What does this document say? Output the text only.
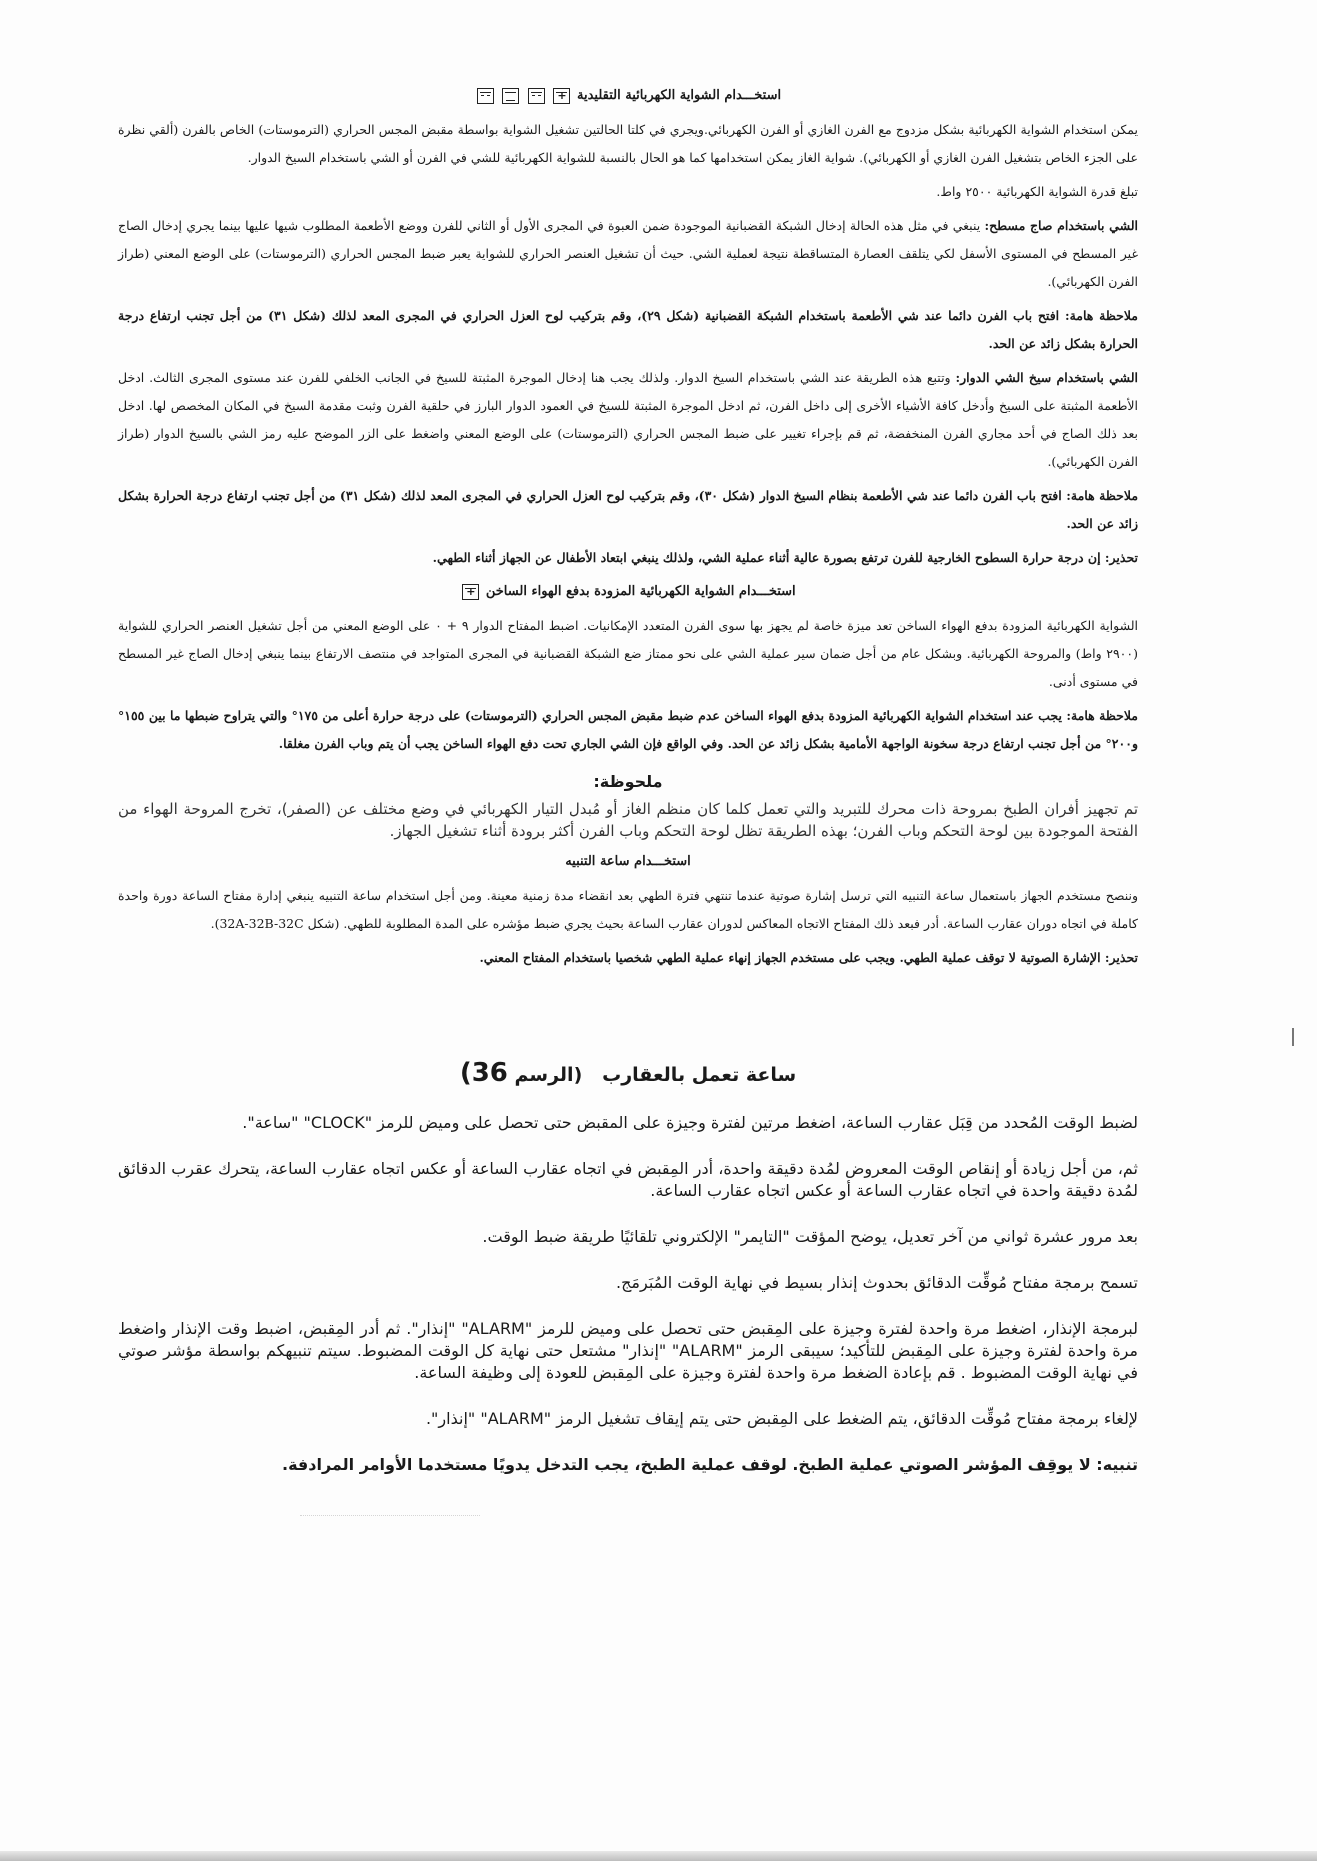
استخـــدام الشواية الكهربائية التقليدية +

يمكن استخدام الشواية الكهربائية بشكل مزدوج مع الفرن الغازي أو الفرن الكهربائي.ويجري في كلتا الحالتين تشغيل الشواية بواسطة مقبض المجس الحراري (الترموستات) الخاص بالفرن (ألقي نظرة على الجزء الخاص بتشغيل الفرن الغازي أو الكهربائي). شواية الغاز يمكن استخدامها كما هو الحال بالنسبة للشواية الكهربائية للشي في الفرن أو الشي باستخدام السيخ الدوار.

تبلغ قدرة الشواية الكهربائية ٢٥٠٠ واط.

الشي باستخدام صاج مسطح: ينبغي في مثل هذه الحالة إدخال الشبكة القضبانية الموجودة ضمن العبوة في المجرى الأول أو الثاني للفرن ووضع الأطعمة المطلوب شيها عليها بينما يجري إدخال الصاج غير المسطح في المستوى الأسفل لكي يتلقف العصارة المتساقطة نتيجة لعملية الشي. حيث أن تشغيل العنصر الحراري للشواية يعبر ضبط المجس الحراري (الترموستات) على الوضع المعني (طراز الفرن الكهربائي).

ملاحظة هامة: افتح باب الفرن دائما عند شي الأطعمة باستخدام الشبكة القضبانية (شكل ٢٩)، وقم بتركيب لوح العزل الحراري في المجرى المعد لذلك (شكل ٣١) من أجل تجنب ارتفاع درجة الحرارة بشكل زائد عن الحد.

الشي باستخدام سيخ الشي الدوار: وتتبع هذه الطريقة عند الشي باستخدام السيخ الدوار. ولذلك يجب هنا إدخال الموجرة المثبتة للسيخ في الجانب الخلفي للفرن عند مستوى المجرى الثالث. ادخل الأطعمة المثبتة على السيخ وأدخل كافة الأشياء الأخرى إلى داخل الفرن، ثم ادخل الموجرة المثبتة للسيخ في العمود الدوار البارز في حلقية الفرن وثبت مقدمة السيخ في المكان المخصص لها. ادخل بعد ذلك الصاج في أحد مجاري الفرن المنخفضة، ثم قم بإجراء تغيير على ضبط المجس الحراري (الترموستات) على الوضع المعني واضغط على الزر الموضح عليه رمز الشي بالسيخ الدوار (طراز الفرن الكهربائي).

ملاحظة هامة: افتح باب الفرن دائما عند شي الأطعمة بنظام السيخ الدوار (شكل ٣٠)، وقم بتركيب لوح العزل الحراري في المجرى المعد لذلك (شكل ٣١) من أجل تجنب ارتفاع درجة الحرارة بشكل زائد عن الحد.

تحذير: إن درجة حرارة السطوح الخارجية للفرن ترتفع بصورة عالية أثناء عملية الشي، ولذلك ينبغي ابتعاد الأطفال عن الجهاز أثناء الطهي.

استخـــدام الشواية الكهربائية المزودة بدفع الهواء الساخن +

الشواية الكهربائية المزودة بدفع الهواء الساخن تعد ميزة خاصة لم يجهز بها سوى الفرن المتعدد الإمكانيات. اضبط المفتاح الدوار ٩ + ٠ على الوضع المعني من أجل تشغيل العنصر الحراري للشواية (٢٩٠٠ واط) والمروحة الكهربائية. وبشكل عام من أجل ضمان سير عملية الشي على نحو ممتاز ضع الشبكة القضبانية في المجرى المتواجد في منتصف الارتفاع بينما ينبغي إدخال الصاج غير المسطح في مستوى أدنى.

ملاحظة هامة: يجب عند استخدام الشواية الكهربائية المزودة بدفع الهواء الساخن عدم ضبط مقبض المجس الحراري (الترموستات) على درجة حرارة أعلى من ١٧٥° والتي يتراوح ضبطها ما بين ١٥٥° و٢٠٠° من أجل تجنب ارتفاع درجة سخونة الواجهة الأمامية بشكل زائد عن الحد. وفي الواقع فإن الشي الجاري تحت دفع الهواء الساخن يجب أن يتم وباب الفرن مغلقا.

ملحوظة:

تم تجهيز أفران الطبخ بمروحة ذات محرك للتبريد والتي تعمل كلما كان منظم الغاز أو مُبدل التيار الكهربائي في وضع مختلف عن (الصفر)، تخرج المروحة الهواء من الفتحة الموجودة بين لوحة التحكم وباب الفرن؛ بهذه الطريقة تظل لوحة التحكم وباب الفرن أكثر برودة أثناء تشغيل الجهاز.

استخـــدام ساعة التنبيه

وننصح مستخدم الجهاز باستعمال ساعة التنبيه التي ترسل إشارة صوتية عندما تنتهي فترة الطهي بعد انقضاء مدة زمنية معينة. ومن أجل استخدام ساعة التنبيه ينبغي إدارة مفتاح الساعة دورة واحدة كاملة في اتجاه دوران عقارب الساعة. أدر فبعد ذلك المفتاح الاتجاه المعاكس لدوران عقارب الساعة بحيث يجري ضبط مؤشره على المدة المطلوبة للطهي. (شكل 32A-32B-32C).

تحذير: الإشارة الصوتية لا توقف عملية الطهي. ويجب على مستخدم الجهاز إنهاء عملية الطهي شخصيا باستخدام المفتاح المعني.

ساعة تعمل بالعقارب   (الرسم 36)

لضبط الوقت المُحدد من قِبَل عقارب الساعة، اضغط مرتين لفترة وجيزة على المقبض حتى تحصل على وميض للرمز "CLOCK" "ساعة".

ثم، من أجل زيادة أو إنقاص الوقت المعروض لمُدة دقيقة واحدة، أدر المِقبض في اتجاه عقارب الساعة أو عكس اتجاه عقارب الساعة، يتحرك عقرب الدقائق لمُدة دقيقة واحدة في اتجاه عقارب الساعة أو عكس اتجاه عقارب الساعة.

بعد مرور عشرة ثواني من آخر تعديل، يوضح المؤقت "التايمر" الإلكتروني تلقائيًا طريقة ضبط الوقت.

تسمح برمجة مفتاح مُوقِّت الدقائق بحدوث إنذار بسيط في نهاية الوقت المُبَرمَج.

لبرمجة الإنذار، اضغط مرة واحدة لفترة وجيزة على المِقبض حتى تحصل على وميض للرمز "ALARM" "إنذار". ثم أدر المِقبض، اضبط وقت الإنذار واضغط مرة واحدة لفترة وجيزة على المِقبض للتأكيد؛ سيبقى الرمز "ALARM" "إنذار" مشتعل حتى نهاية كل الوقت المضبوط. سيتم تنبيهكم بواسطة مؤشر صوتي في نهاية الوقت المضبوط . قم بإعادة الضغط مرة واحدة لفترة وجيزة على المِقبض للعودة إلى وظيفة الساعة.

لإلغاء برمجة مفتاح مُوقِّت الدقائق، يتم الضغط على المِقبض حتى يتم إيقاف تشغيل الرمز "ALARM" "إنذار".

تنبيه: لا يوقِف المؤشر الصوتي عملية الطبخ. لوقف عملية الطبخ، يجب التدخل يدويًا مستخدما الأوامر المرادفة.
